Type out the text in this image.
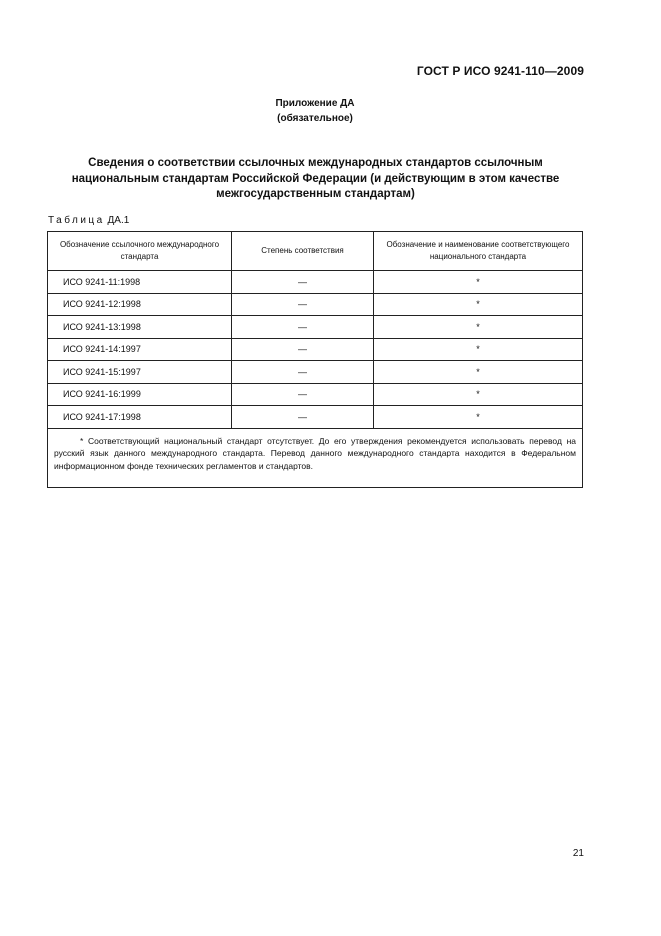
ГОСТ Р ИСО 9241-110—2009
Приложение ДА
(обязательное)
Сведения о соответствии ссылочных международных стандартов ссылочным национальным стандартам Российской Федерации (и действующим в этом качестве межгосударственным стандартам)
Таблица ДА.1
Обозначение ссылочного международного стандарта	Степень соответствия	Обозначение и наименование соответствующего национального стандарта
ИСО 9241-11:1998	—	*
ИСО 9241-12:1998	—	*
ИСО 9241-13:1998	—	*
ИСО 9241-14:1997	—	*
ИСО 9241-15:1997	—	*
ИСО 9241-16:1999	—	*
ИСО 9241-17:1998	—	*
* Соответствующий национальный стандарт отсутствует. До его утверждения рекомендуется использовать перевод на русский язык данного международного стандарта. Перевод данного международного стандарта находится в Федеральном информационном фонде технических регламентов и стандартов.		
21
